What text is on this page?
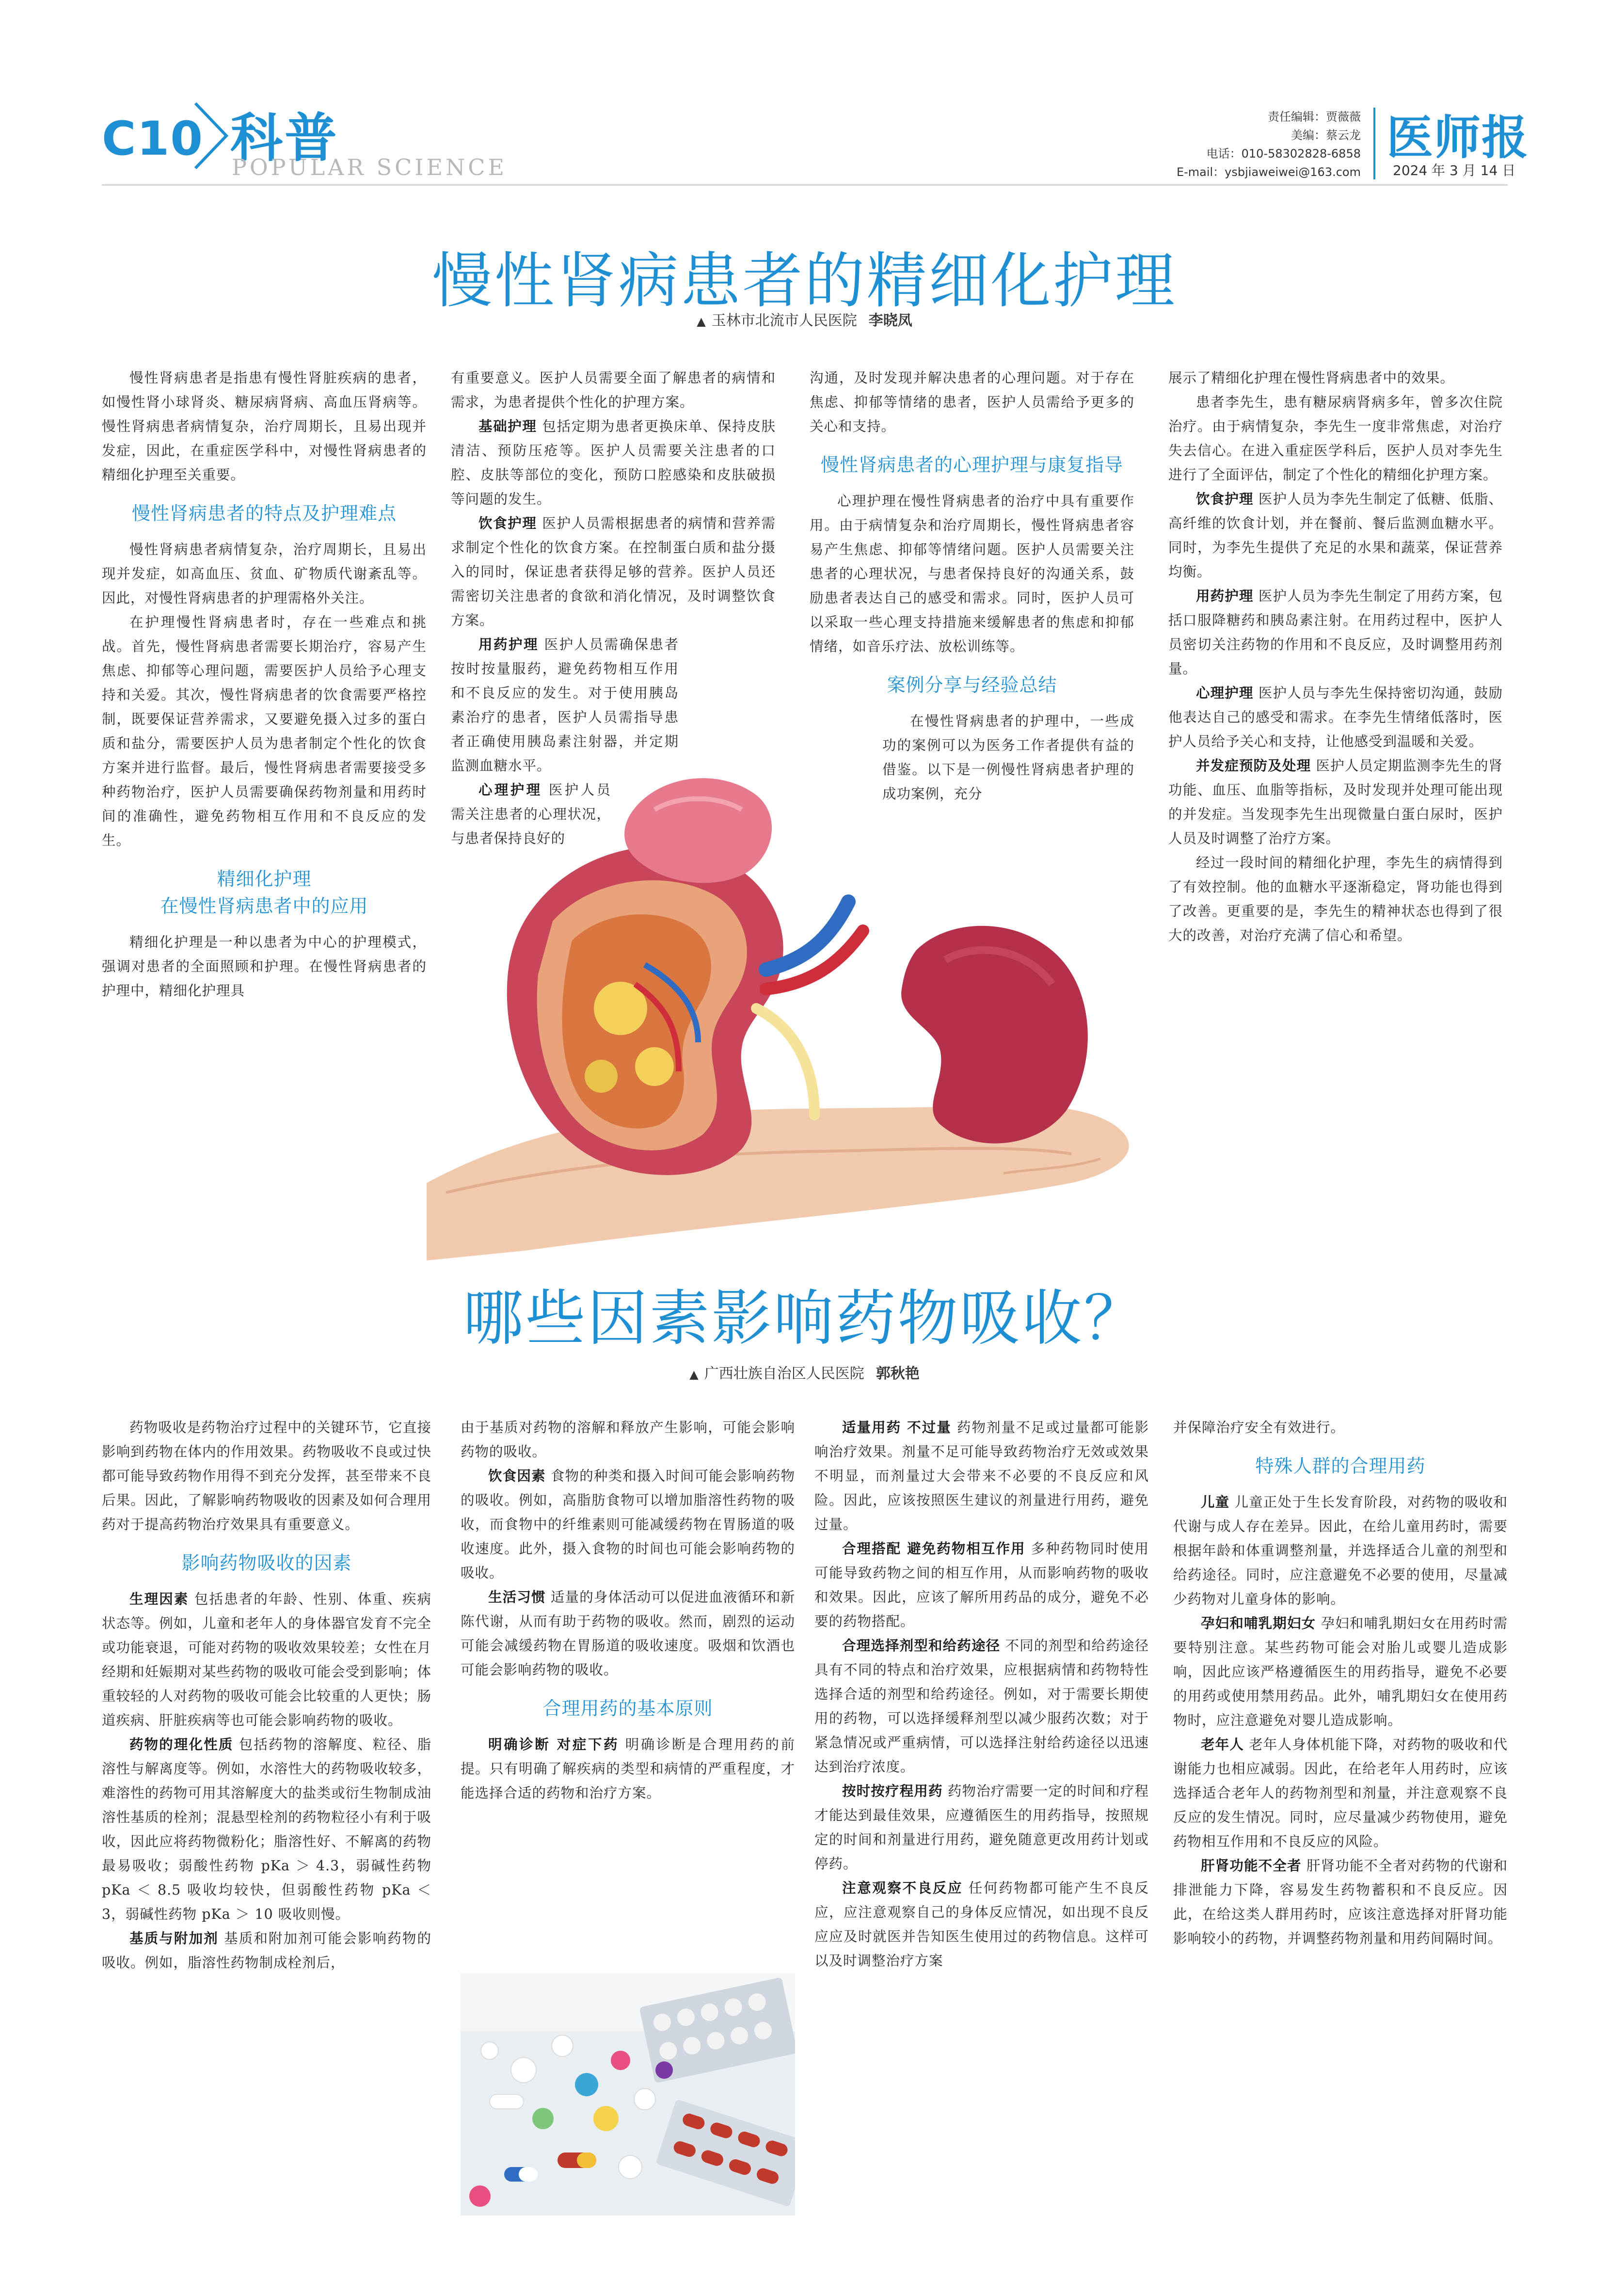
C10 科普
POPULAR SCIENCE
责任编辑：贾薇薇
美编：蔡云龙
电话：010-58302828-6858
E-mail：ysbjiaweiwei@163.com
医师报
2024 年 3 月 14 日
慢性肾病患者的精细化护理
▲ 玉林市北流市人民医院 李晓凤

慢性肾病患者是指患有慢性肾脏疾病的患者，如慢性肾小球肾炎、糖尿病肾病、高血压肾病等。慢性肾病患者病情复杂，治疗周期长，且易出现并发症，因此，在重症医学科中，对慢性肾病患者的精细化护理至关重要。

慢性肾病患者的特点及护理难点

慢性肾病患者病情复杂，治疗周期长，且易出现并发症，如高血压、贫血、矿物质代谢紊乱等。因此，对慢性肾病患者的护理需格外关注。

在护理慢性肾病患者时，存在一些难点和挑战。首先，慢性肾病患者需要长期治疗，容易产生焦虑、抑郁等心理问题，需要医护人员给予心理支持和关爱。其次，慢性肾病患者的饮食需要严格控制，既要保证营养需求，又要避免摄入过多的蛋白质和盐分，需要医护人员为患者制定个性化的饮食方案并进行监督。最后，慢性肾病患者需要接受多种药物治疗，医护人员需要确保药物剂量和用药时间的准确性，避免药物相互作用和不良反应的发生。

精细化护理
在慢性肾病患者中的应用

精细化护理是一种以患者为中心的护理模式，强调对患者的全面照顾和护理。在慢性肾病患者的护理中，精细化护理具

有重要意义。医护人员需要全面了解患者的病情和需求，为患者提供个性化的护理方案。

基础护理 包括定期为患者更换床单、保持皮肤清洁、预防压疮等。医护人员需要关注患者的口腔、皮肤等部位的变化，预防口腔感染和皮肤破损等问题的发生。

饮食护理 医护人员需根据患者的病情和营养需求制定个性化的饮食方案。在控制蛋白质和盐分摄入的同时，保证患者获得足够的营养。医护人员还需密切关注患者的食欲和消化情况，及时调整饮食方案。

用药护理 医护人员需确保患者按时按量服药，避免药物相互作用和不良反应的发生。对于使用胰岛素治疗的患者，医护人员需指导患者正确使用胰岛素注射器，并定期监测血糖水平。

心理护理 医护人员需关注患者的心理状况，与患者保持良好的

沟通，及时发现并解决患者的心理问题。对于存在焦虑、抑郁等情绪的患者，医护人员需给予更多的关心和支持。

慢性肾病患者的心理护理与康复指导

心理护理在慢性肾病患者的治疗中具有重要作用。由于病情复杂和治疗周期长，慢性肾病患者容易产生焦虑、抑郁等情绪问题。医护人员需要关注患者的心理状况，与患者保持良好的沟通关系，鼓励患者表达自己的感受和需求。同时，医护人员可以采取一些心理支持措施来缓解患者的焦虑和抑郁情绪，如音乐疗法、放松训练等。

案例分享与经验总结

在慢性肾病患者的护理中，一些成功的案例可以为医务工作者提供有益的借鉴。以下是一例慢性肾病患者护理的成功案例，充分

展示了精细化护理在慢性肾病患者中的效果。

患者李先生，患有糖尿病肾病多年，曾多次住院治疗。由于病情复杂，李先生一度非常焦虑，对治疗失去信心。在进入重症医学科后，医护人员对李先生进行了全面评估，制定了个性化的精细化护理方案。

饮食护理 医护人员为李先生制定了低糖、低脂、高纤维的饮食计划，并在餐前、餐后监测血糖水平。同时，为李先生提供了充足的水果和蔬菜，保证营养均衡。

用药护理 医护人员为李先生制定了用药方案，包括口服降糖药和胰岛素注射。在用药过程中，医护人员密切关注药物的作用和不良反应，及时调整用药剂量。

心理护理 医护人员与李先生保持密切沟通，鼓励他表达自己的感受和需求。在李先生情绪低落时，医护人员给予关心和支持，让他感受到温暖和关爱。

并发症预防及处理 医护人员定期监测李先生的肾功能、血压、血脂等指标，及时发现并处理可能出现的并发症。当发现李先生出现微量白蛋白尿时，医护人员及时调整了治疗方案。

经过一段时间的精细化护理，李先生的病情得到了有效控制。他的血糖水平逐渐稳定，肾功能也得到了改善。更重要的是，李先生的精神状态也得到了很大的改善，对治疗充满了信心和希望。

哪些因素影响药物吸收？
▲ 广西壮族自治区人民医院 郭秋艳

药物吸收是药物治疗过程中的关键环节，它直接影响到药物在体内的作用效果。药物吸收不良或过快都可能导致药物作用得不到充分发挥，甚至带来不良后果。因此，了解影响药物吸收的因素及如何合理用药对于提高药物治疗效果具有重要意义。

影响药物吸收的因素

生理因素 包括患者的年龄、性别、体重、疾病状态等。例如，儿童和老年人的身体器官发育不完全或功能衰退，可能对药物的吸收效果较差；女性在月经期和妊娠期对某些药物的吸收可能会受到影响；体重较轻的人对药物的吸收可能会比较重的人更快；肠道疾病、肝脏疾病等也可能会影响药物的吸收。

药物的理化性质 包括药物的溶解度、粒径、脂溶性与解离度等。例如，水溶性大的药物吸收较多，难溶性的药物可用其溶解度大的盐类或衍生物制成油溶性基质的栓剂；混悬型栓剂的药物粒径小有利于吸收，因此应将药物微粉化；脂溶性好、不解离的药物最易吸收；弱酸性药物 pKa ＞ 4.3，弱碱性药物 pKa ＜ 8.5 吸收均较快，但弱酸性药物 pKa ＜ 3，弱碱性药物 pKa ＞ 10 吸收则慢。

基质与附加剂 基质和附加剂可能会影响药物的吸收。例如，脂溶性药物制成栓剂后，

由于基质对药物的溶解和释放产生影响，可能会影响药物的吸收。

饮食因素 食物的种类和摄入时间可能会影响药物的吸收。例如，高脂肪食物可以增加脂溶性药物的吸收，而食物中的纤维素则可能减缓药物在胃肠道的吸收速度。此外，摄入食物的时间也可能会影响药物的吸收。

生活习惯 适量的身体活动可以促进血液循环和新陈代谢，从而有助于药物的吸收。然而，剧烈的运动可能会减缓药物在胃肠道的吸收速度。吸烟和饮酒也可能会影响药物的吸收。

合理用药的基本原则

明确诊断 对症下药 明确诊断是合理用药的前提。只有明确了解疾病的类型和病情的严重程度，才能选择合适的药物和治疗方案。

适量用药 不过量 药物剂量不足或过量都可能影响治疗效果。剂量不足可能导致药物治疗无效或效果不明显，而剂量过大会带来不必要的不良反应和风险。因此，应该按照医生建议的剂量进行用药，避免过量。

合理搭配 避免药物相互作用 多种药物同时使用可能导致药物之间的相互作用，从而影响药物的吸收和效果。因此，应该了解所用药品的成分，避免不必要的药物搭配。

合理选择剂型和给药途径 不同的剂型和给药途径具有不同的特点和治疗效果，应根据病情和药物特性选择合适的剂型和给药途径。例如，对于需要长期使用的药物，可以选择缓释剂型以减少服药次数；对于紧急情况或严重病情，可以选择注射给药途径以迅速达到治疗浓度。

按时按疗程用药 药物治疗需要一定的时间和疗程才能达到最佳效果，应遵循医生的用药指导，按照规定的时间和剂量进行用药，避免随意更改用药计划或停药。

注意观察不良反应 任何药物都可能产生不良反应，应注意观察自己的身体反应情况，如出现不良反应应及时就医并告知医生使用过的药物信息。这样可以及时调整治疗方案

并保障治疗安全有效进行。

特殊人群的合理用药

儿童 儿童正处于生长发育阶段，对药物的吸收和代谢与成人存在差异。因此，在给儿童用药时，需要根据年龄和体重调整剂量，并选择适合儿童的剂型和给药途径。同时，应注意避免不必要的使用，尽量减少药物对儿童身体的影响。

孕妇和哺乳期妇女 孕妇和哺乳期妇女在用药时需要特别注意。某些药物可能会对胎儿或婴儿造成影响，因此应该严格遵循医生的用药指导，避免不必要的用药或使用禁用药品。此外，哺乳期妇女在使用药物时，应注意避免对婴儿造成影响。

老年人 老年人身体机能下降，对药物的吸收和代谢能力也相应减弱。因此，在给老年人用药时，应该选择适合老年人的药物剂型和剂量，并注意观察不良反应的发生情况。同时，应尽量减少药物使用，避免药物相互作用和不良反应的风险。

肝肾功能不全者 肝肾功能不全者对药物的代谢和排泄能力下降，容易发生药物蓄积和不良反应。因此，在给这类人群用药时，应该注意选择对肝肾功能影响较小的药物，并调整药物剂量和用药间隔时间。
